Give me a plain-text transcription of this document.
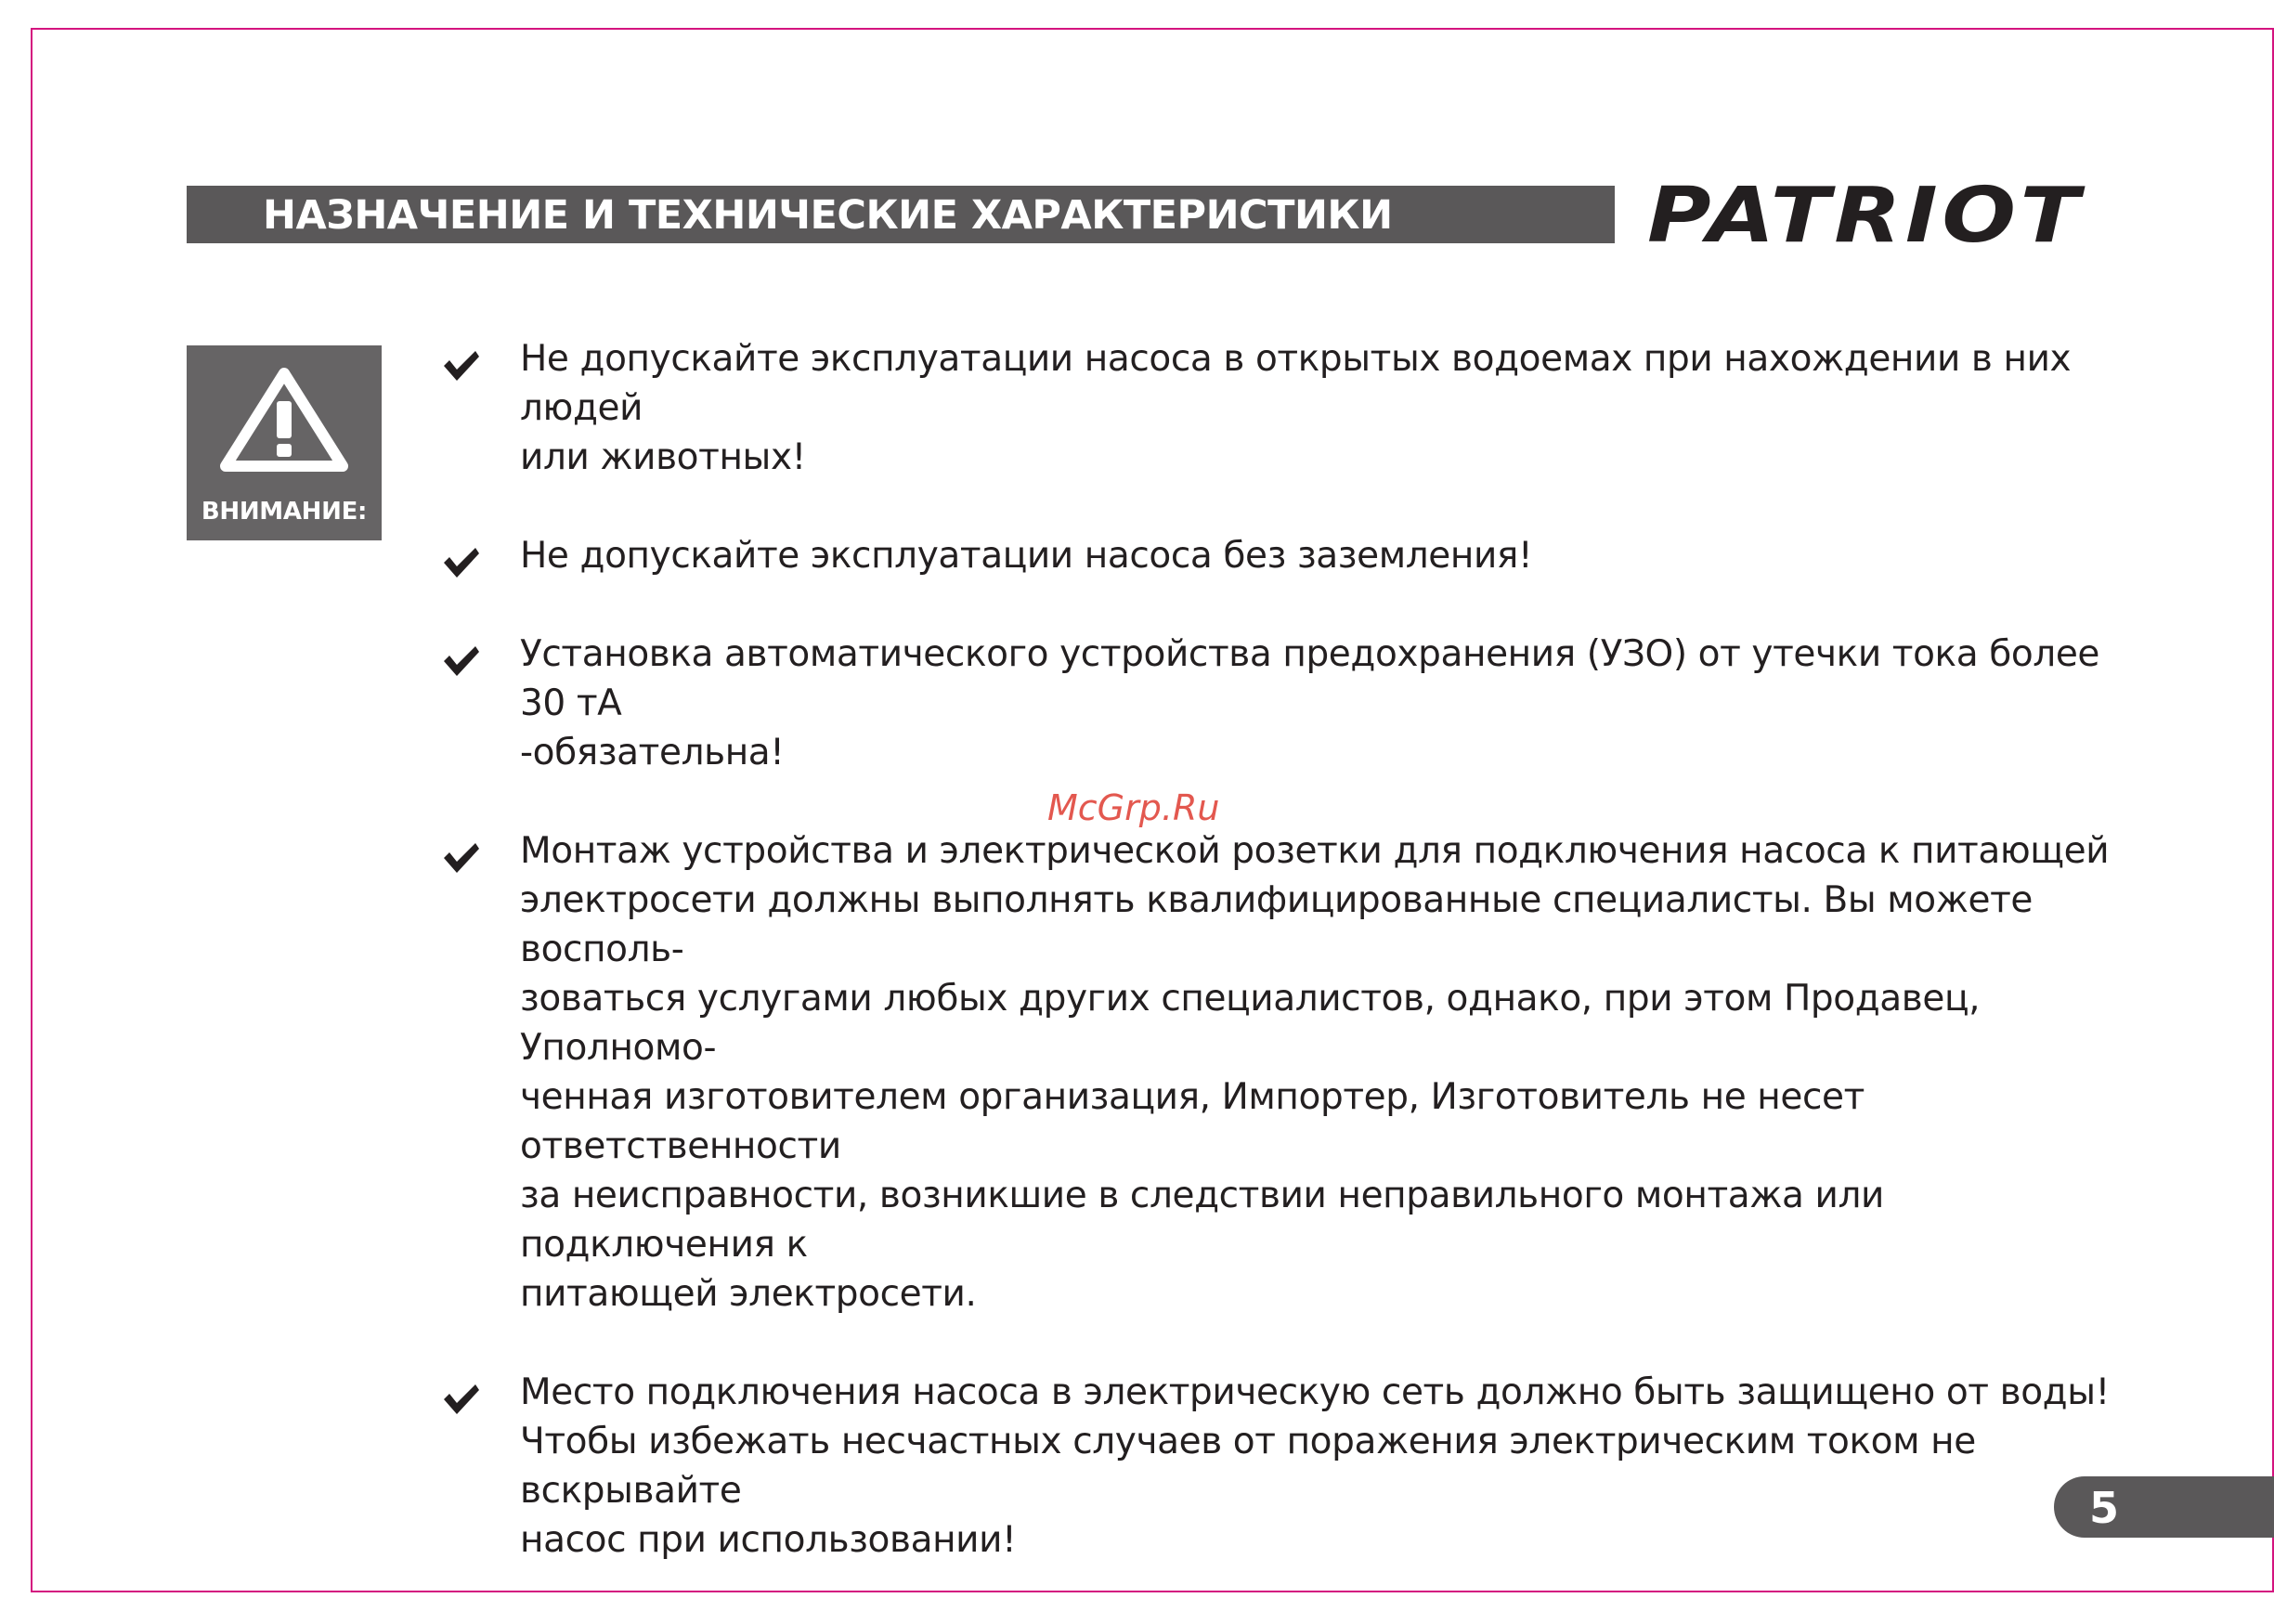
НАЗНАЧЕНИЕ И ТЕХНИЧЕСКИЕ ХАРАКТЕРИСТИКИ	PATRIOT
ВНИМАНИЕ:
Не допускайте эксплуатации насоса в открытых водоемах при нахождении в них людей
или животных!
Не допускайте эксплуатации насоса без заземления!
Установка автоматического устройства предохранения (УЗО) от утечки тока более 30 тА
-обязательна!
Монтаж устройства и электрической розетки для подключения насоса к питающей
электросети должны выполнять квалифицированные специалисты. Вы можете восполь-
зоваться услугами любых других специалистов, однако, при этом Продавец, Уполномо-
ченная изготовителем организация, Импортер, Изготовитель не несет ответственности
за неисправности, возникшие в следствии неправильного монтажа или подключения к
питающей электросети.
Место подключения насоса в электрическую сеть должно быть защищено от воды!
Чтобы избежать несчастных случаев от поражения электрическим током не вскрывайте
насос при использовании!
McGrp.Ru
5
